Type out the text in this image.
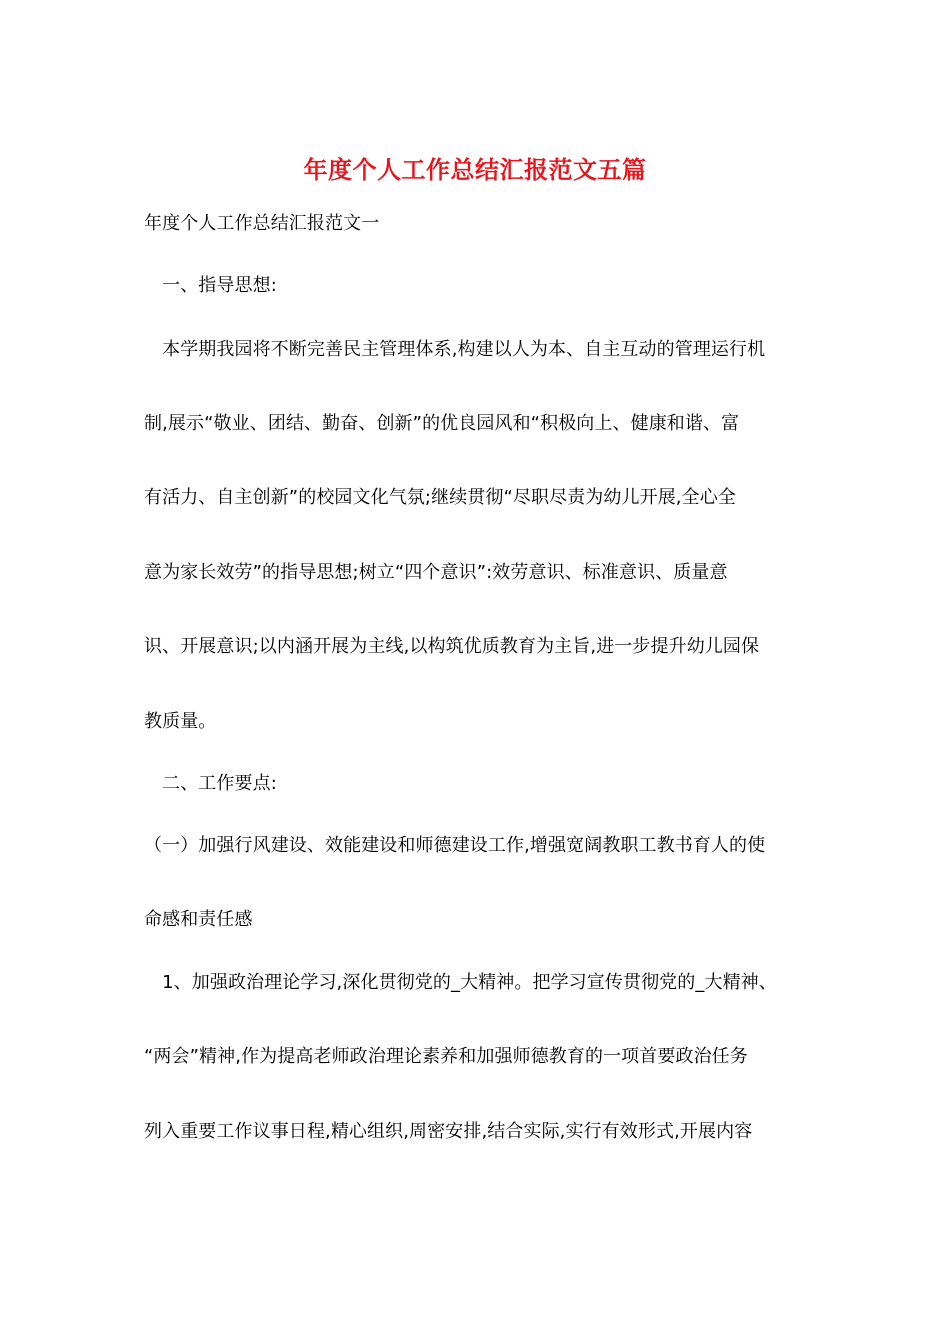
年度个人工作总结汇报范文五篇
年度个人工作总结汇报范文一
　一、指导思想:
　本学期我园将不断完善民主管理体系,构建以人为本、自主互动的管理运行机
制,展示“敬业、团结、勤奋、创新”的优良园风和“积极向上、健康和谐、富
有活力、自主创新”的校园文化气氛;继续贯彻“尽职尽责为幼儿开展,全心全
意为家长效劳”的指导思想;树立“四个意识”:效劳意识、标准意识、质量意
识、开展意识;以内涵开展为主线,以构筑优质教育为主旨,进一步提升幼儿园保
教质量。
　二、工作要点:
（一）加强行风建设、效能建设和师德建设工作,增强宽阔教职工教书育人的使
命感和责任感
　1、加强政治理论学习,深化贯彻党的_大精神。把学习宣传贯彻党的_大精神、
“两会”精神,作为提高老师政治理论素养和加强师德教育的一项首要政治任务
列入重要工作议事日程,精心组织,周密安排,结合实际,实行有效形式,开展内容
